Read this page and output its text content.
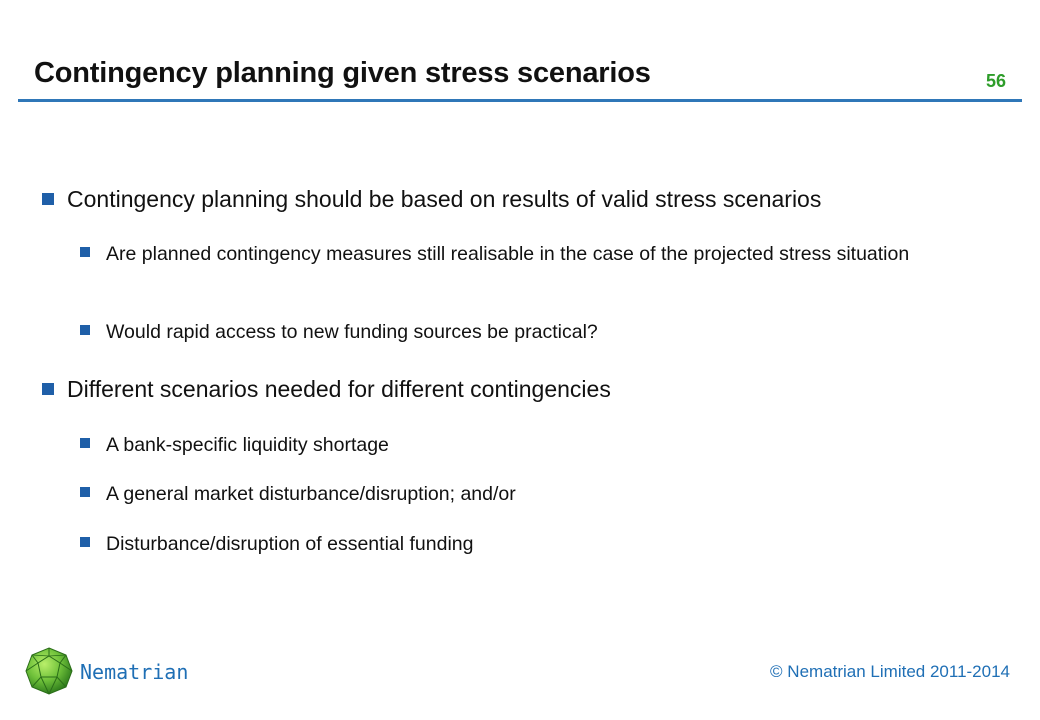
Contingency planning given stress scenarios	56
Contingency planning should be based on results of valid stress scenarios
Are planned contingency measures still realisable in the case of the projected stress situation
Would rapid access to new funding sources be practical?
Different scenarios needed for different contingencies
A bank-specific liquidity shortage
A general market disturbance/disruption; and/or
Disturbance/disruption of essential funding
Nematrian	© Nematrian Limited 2011-2014
